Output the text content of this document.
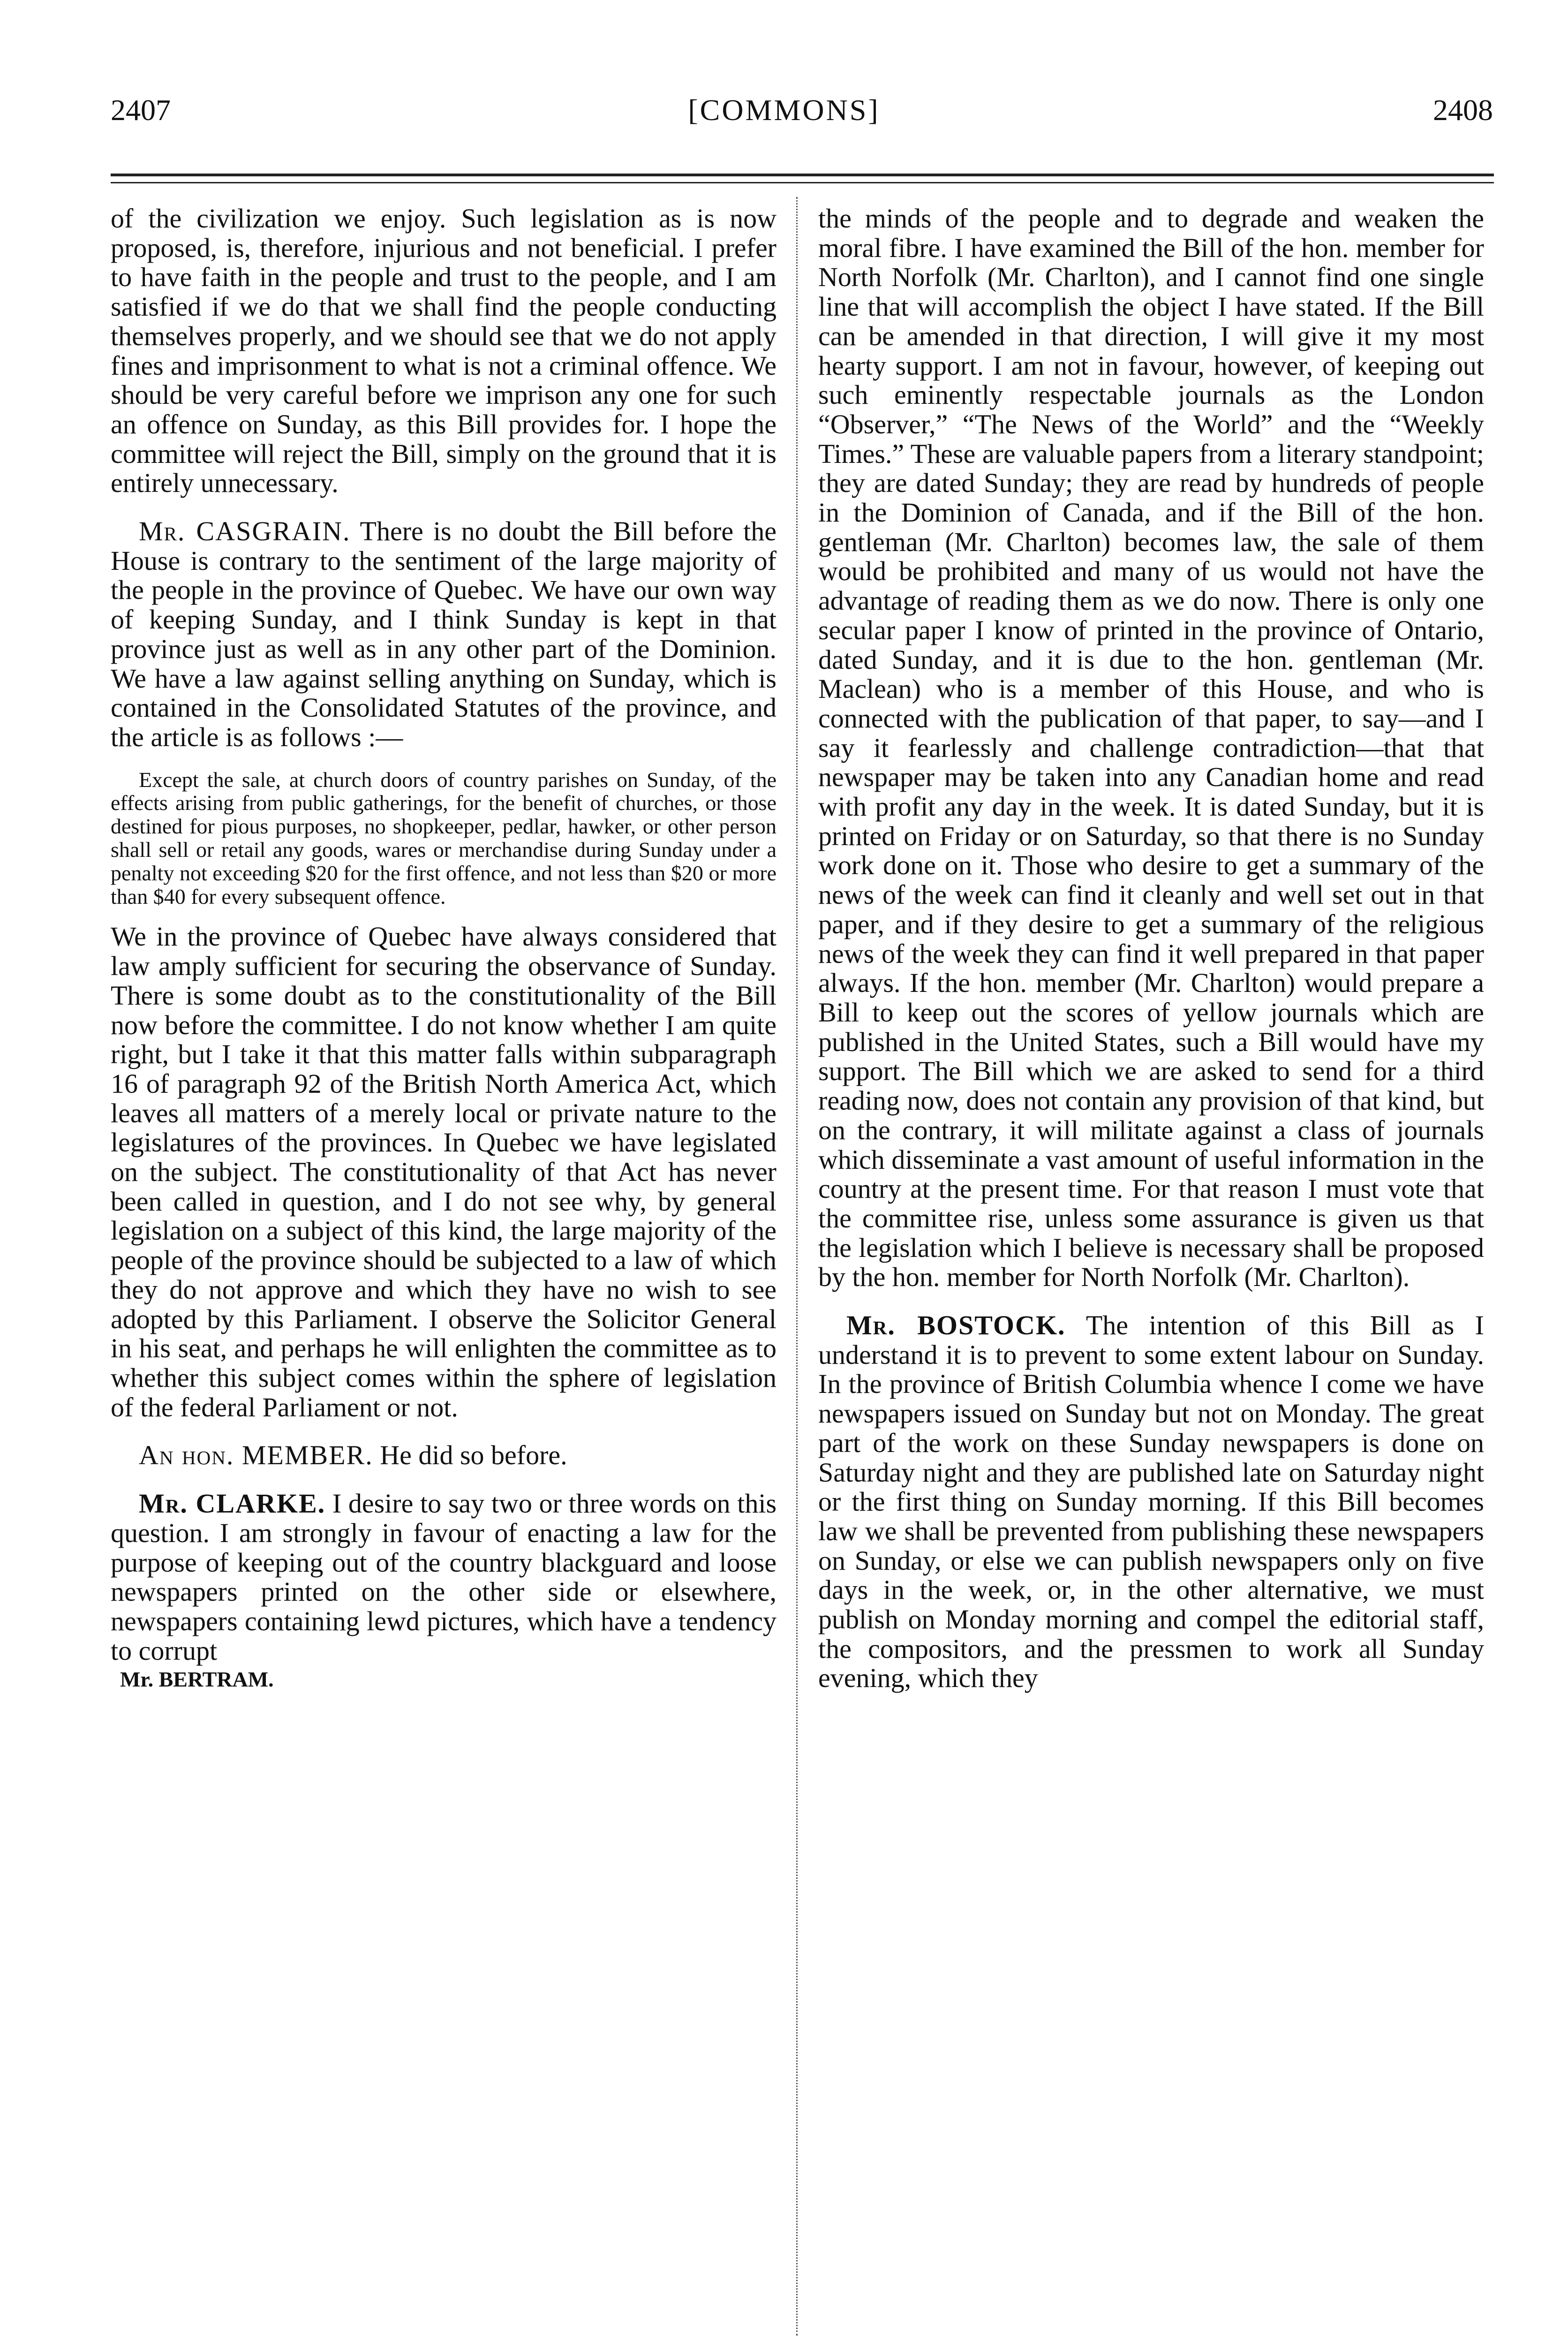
2407	[COMMONS]	2408

of the civilization we enjoy. Such legislation as is now proposed, is, therefore, injurious and not beneficial. I prefer to have faith in the people and trust to the people, and I am satisfied if we do that we shall find the people conducting themselves properly, and we should see that we do not apply fines and imprisonment to what is not a criminal offence. We should be very careful before we imprison any one for such an offence on Sunday, as this Bill provides for. I hope the committee will reject the Bill, simply on the ground that it is entirely unnecessary.

Mr. CASGRAIN. There is no doubt the Bill before the House is contrary to the sentiment of the large majority of the people in the province of Quebec. We have our own way of keeping Sunday, and I think Sunday is kept in that province just as well as in any other part of the Dominion. We have a law against selling anything on Sunday, which is contained in the Consolidated Statutes of the province, and the article is as follows :—

Except the sale, at church doors of country parishes on Sunday, of the effects arising from public gatherings, for the benefit of churches, or those destined for pious purposes, no shopkeeper, pedlar, hawker, or other person shall sell or retail any goods, wares or merchandise during Sunday under a penalty not exceeding $20 for the first offence, and not less than $20 or more than $40 for every subsequent offence.

We in the province of Quebec have always considered that law amply sufficient for securing the observance of Sunday. There is some doubt as to the constitutionality of the Bill now before the committee. I do not know whether I am quite right, but I take it that this matter falls within subparagraph 16 of paragraph 92 of the British North America Act, which leaves all matters of a merely local or private nature to the legislatures of the provinces. In Quebec we have legislated on the subject. The constitutionality of that Act has never been called in question, and I do not see why, by general legislation on a subject of this kind, the large majority of the people of the province should be subjected to a law of which they do not approve and which they have no wish to see adopted by this Parliament. I observe the Solicitor General in his seat, and perhaps he will enlighten the committee as to whether this subject comes within the sphere of legislation of the federal Parliament or not.

An hon. MEMBER. He did so before.

Mr. CLARKE. I desire to say two or three words on this question. I am strongly in favour of enacting a law for the purpose of keeping out of the country blackguard and loose newspapers printed on the other side or elsewhere, newspapers containing lewd pictures, which have a tendency to corrupt

Mr. BERTRAM.

the minds of the people and to degrade and weaken the moral fibre. I have examined the Bill of the hon. member for North Norfolk (Mr. Charlton), and I cannot find one single line that will accomplish the object I have stated. If the Bill can be amended in that direction, I will give it my most hearty support. I am not in favour, however, of keeping out such eminently respectable journals as the London “Observer,” “The News of the World” and the “Weekly Times.” These are valuable papers from a literary standpoint; they are dated Sunday; they are read by hundreds of people in the Dominion of Canada, and if the Bill of the hon. gentleman (Mr. Charlton) becomes law, the sale of them would be prohibited and many of us would not have the advantage of reading them as we do now. There is only one secular paper I know of printed in the province of Ontario, dated Sunday, and it is due to the hon. gentleman (Mr. Maclean) who is a member of this House, and who is connected with the publication of that paper, to say—and I say it fearlessly and challenge contradiction—that that newspaper may be taken into any Canadian home and read with profit any day in the week. It is dated Sunday, but it is printed on Friday or on Saturday, so that there is no Sunday work done on it. Those who desire to get a summary of the news of the week can find it cleanly and well set out in that paper, and if they desire to get a summary of the religious news of the week they can find it well prepared in that paper always. If the hon. member (Mr. Charlton) would prepare a Bill to keep out the scores of yellow journals which are published in the United States, such a Bill would have my support. The Bill which we are asked to send for a third reading now, does not contain any provision of that kind, but on the contrary, it will militate against a class of journals which disseminate a vast amount of useful information in the country at the present time. For that reason I must vote that the committee rise, unless some assurance is given us that the legislation which I believe is necessary shall be proposed by the hon. member for North Norfolk (Mr. Charlton).

Mr. BOSTOCK. The intention of this Bill as I understand it is to prevent to some extent labour on Sunday. In the province of British Columbia whence I come we have newspapers issued on Sunday but not on Monday. The great part of the work on these Sunday newspapers is done on Saturday night and they are published late on Saturday night or the first thing on Sunday morning. If this Bill becomes law we shall be prevented from publishing these newspapers on Sunday, or else we can publish newspapers only on five days in the week, or, in the other alternative, we must publish on Monday morning and compel the editorial staff, the compositors, and the pressmen to work all Sunday evening, which they
